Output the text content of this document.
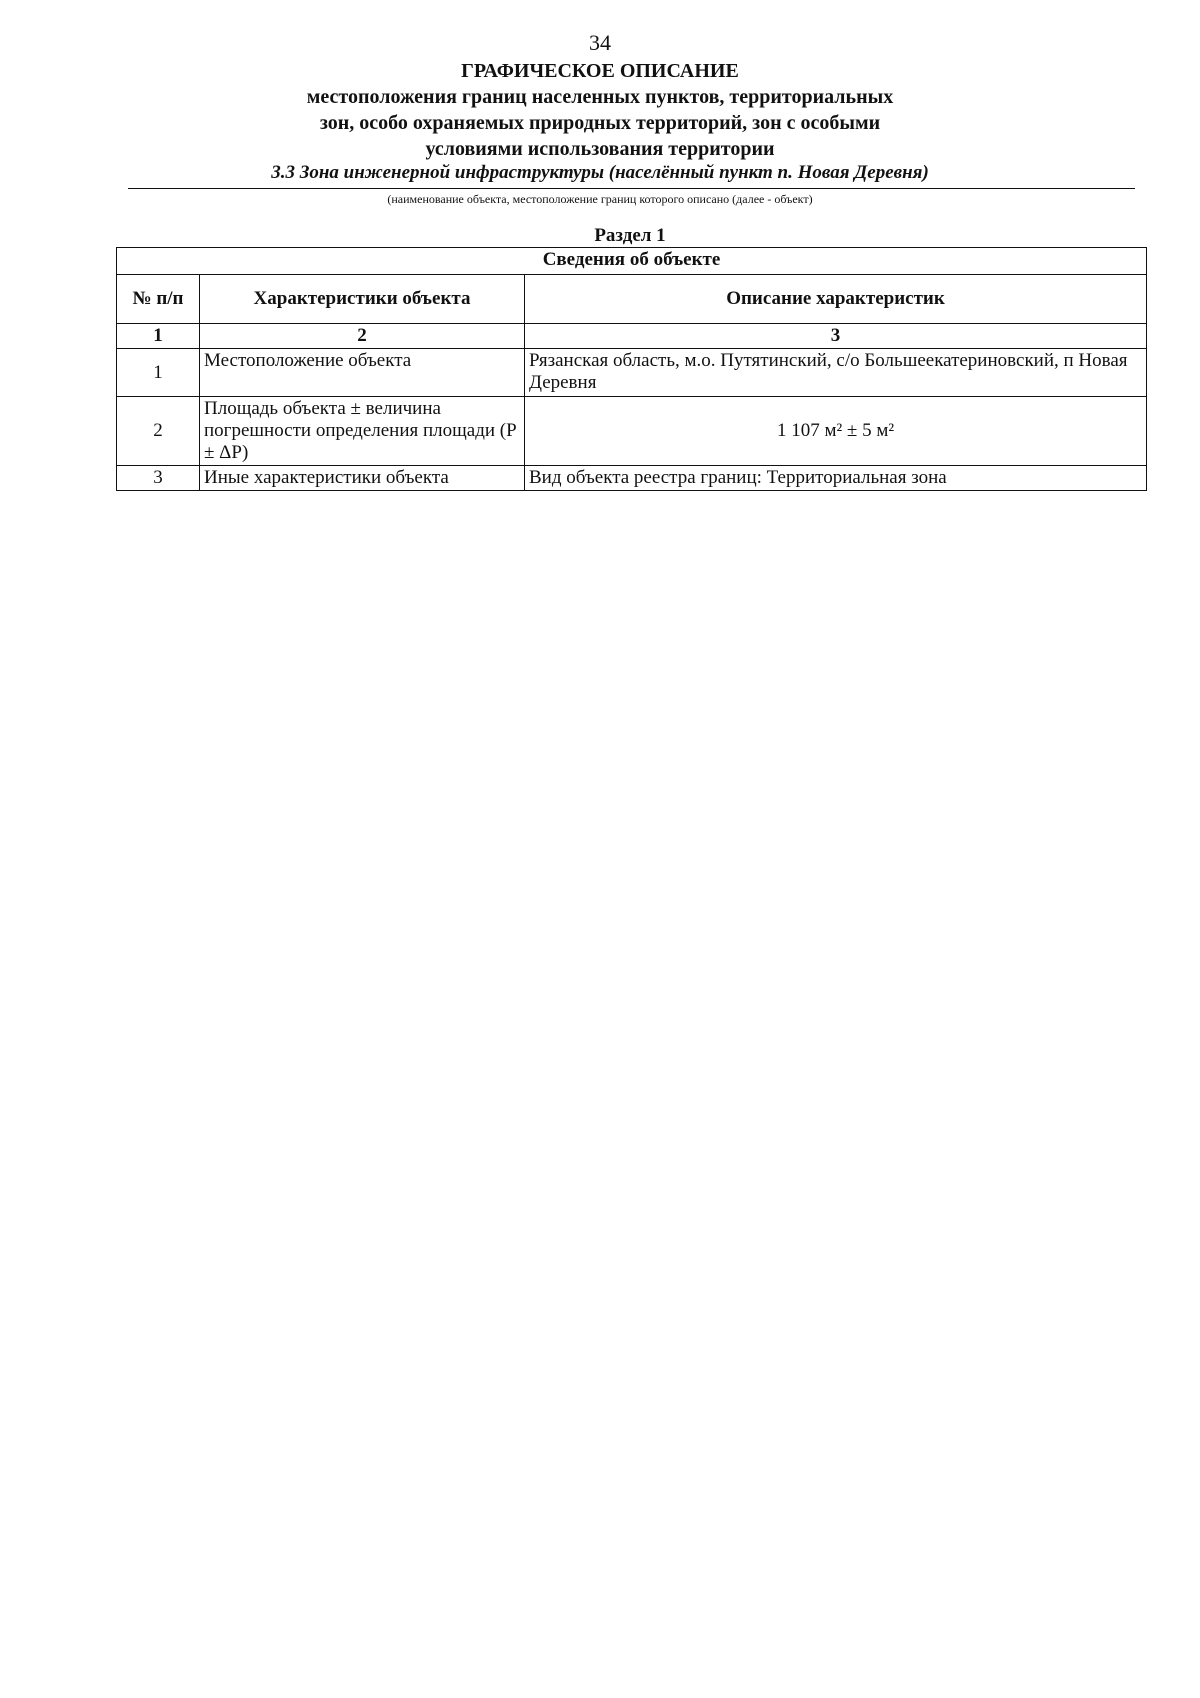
34
ГРАФИЧЕСКОЕ ОПИСАНИЕ
местоположения границ населенных пунктов, территориальных
зон, особо охраняемых природных территорий, зон с особыми
условиями использования территории
3.3 Зона инженерной инфраструктуры (населённый пункт п. Новая Деревня)
(наименование объекта, местоположение границ которого описано (далее - объект)
Раздел 1
Сведения об объекте		
№ п/п	Характеристики объекта	Описание характеристик
1	2	3
1	Местоположение объекта	Рязанская область, м.о. Путятинский, с/о Большеекатериновский, п Новая Деревня
2	Площадь объекта ± величина погрешности определения площади (P ± ΔP)	1 107 м² ± 5 м²
3	Иные характеристики объекта	Вид объекта реестра границ: Территориальная зона
